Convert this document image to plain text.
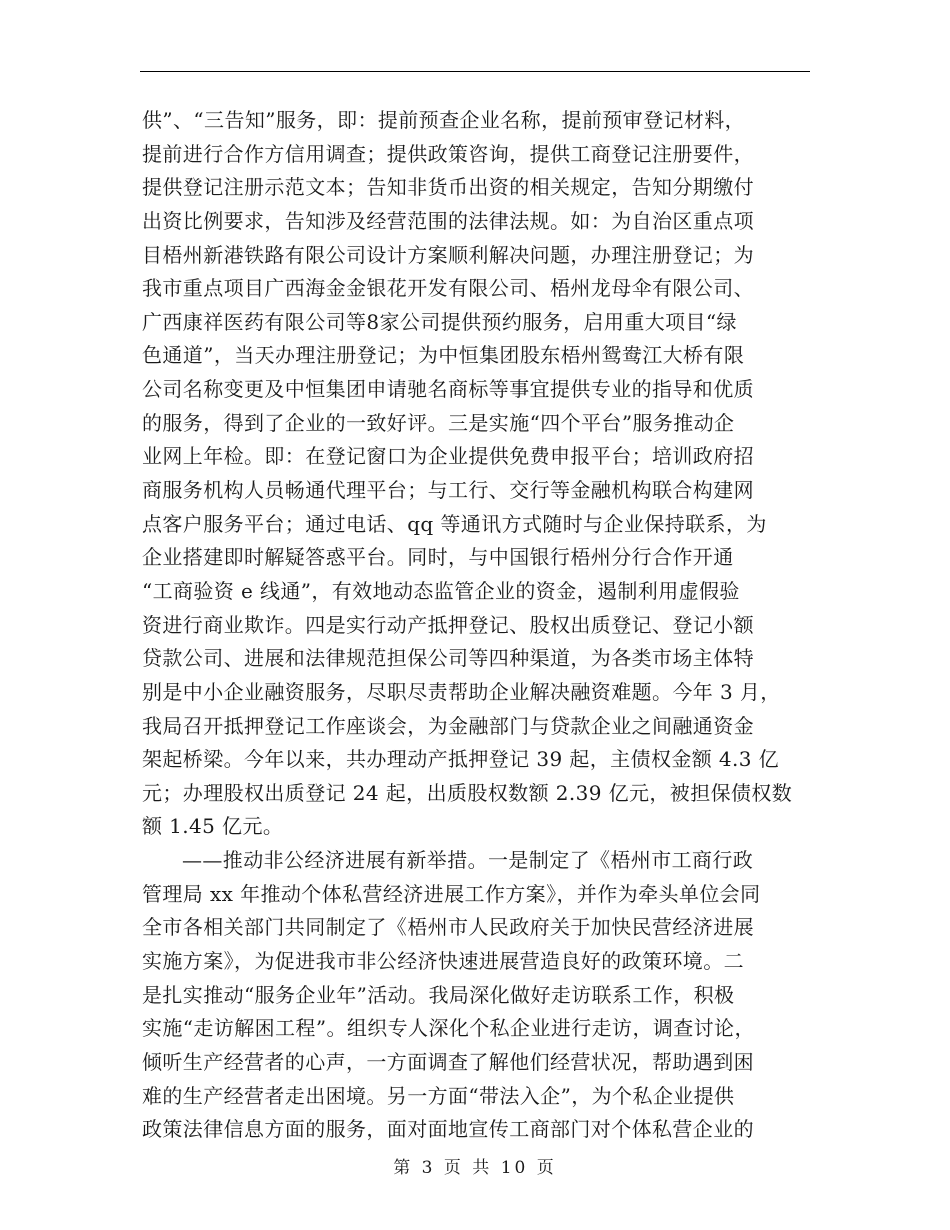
供”、“三告知”服务，即：提前预查企业名称，提前预审登记材料，
提前进行合作方信用调查；提供政策咨询，提供工商登记注册要件，
提供登记注册示范文本；告知非货币出资的相关规定，告知分期缴付
出资比例要求，告知涉及经营范围的法律法规。如：为自治区重点项
目梧州新港铁路有限公司设计方案顺利解决问题，办理注册登记；为
我市重点项目广西海金金银花开发有限公司、梧州龙母伞有限公司、
广西康祥医药有限公司等8家公司提供预约服务，启用重大项目“绿
色通道”，当天办理注册登记；为中恒集团股东梧州鸳鸯江大桥有限
公司名称变更及中恒集团申请驰名商标等事宜提供专业的指导和优质
的服务，得到了企业的一致好评。三是实施“四个平台”服务推动企
业网上年检。即：在登记窗口为企业提供免费申报平台；培训政府招
商服务机构人员畅通代理平台；与工行、交行等金融机构联合构建网
点客户服务平台；通过电话、qq 等通讯方式随时与企业保持联系，为
企业搭建即时解疑答惑平台。同时，与中国银行梧州分行合作开通
“工商验资 e 线通”，有效地动态监管企业的资金，遏制利用虚假验
资进行商业欺诈。四是实行动产抵押登记、股权出质登记、登记小额
贷款公司、进展和法律规范担保公司等四种渠道，为各类市场主体特
别是中小企业融资服务，尽职尽责帮助企业解决融资难题。今年 3 月，
我局召开抵押登记工作座谈会，为金融部门与贷款企业之间融通资金
架起桥梁。今年以来，共办理动产抵押登记 39 起，主债权金额 4.3 亿
元；办理股权出质登记 24 起，出质股权数额 2.39 亿元，被担保债权数
额 1.45 亿元。
——推动非公经济进展有新举措。一是制定了《梧州市工商行政
管理局 xx 年推动个体私营经济进展工作方案》，并作为牵头单位会同
全市各相关部门共同制定了《梧州市人民政府关于加快民营经济进展
实施方案》，为促进我市非公经济快速进展营造良好的政策环境。二
是扎实推动“服务企业年”活动。我局深化做好走访联系工作，积极
实施“走访解困工程”。组织专人深化个私企业进行走访，调查讨论，
倾听生产经营者的心声，一方面调查了解他们经营状况，帮助遇到困
难的生产经营者走出困境。另一方面“带法入企”，为个私企业提供
政策法律信息方面的服务，面对面地宣传工商部门对个体私营企业的
第 3 页 共 10 页
